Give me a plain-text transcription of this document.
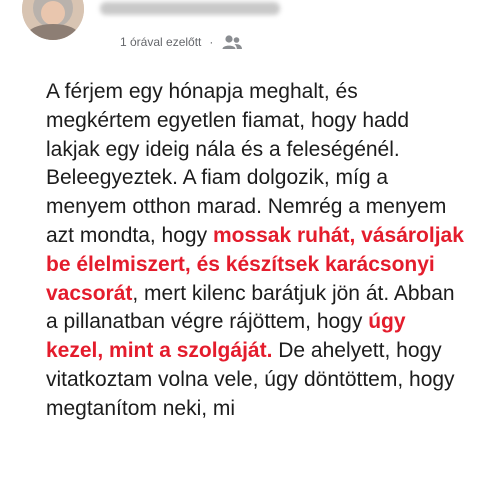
1 órával ezelőtt ·

A férjem egy hónapja meghalt, és megkértem egyetlen fiamat, hogy hadd lakjak egy ideig nála és a feleségénél. Beleegyeztek. A fiam dolgozik, míg a menyem otthon marad. Nemrég a menyem azt mondta, hogy mossak ruhát, vásároljak be élelmiszert, és készítsek karácsonyi vacsorát, mert kilenc barátjuk jön át. Abban a pillanatban végre rájöttem, hogy úgy kezel, mint a szolgáját. De ahelyett, hogy vitatkoztam volna vele, úgy döntöttem, hogy megtanítom neki, mi
